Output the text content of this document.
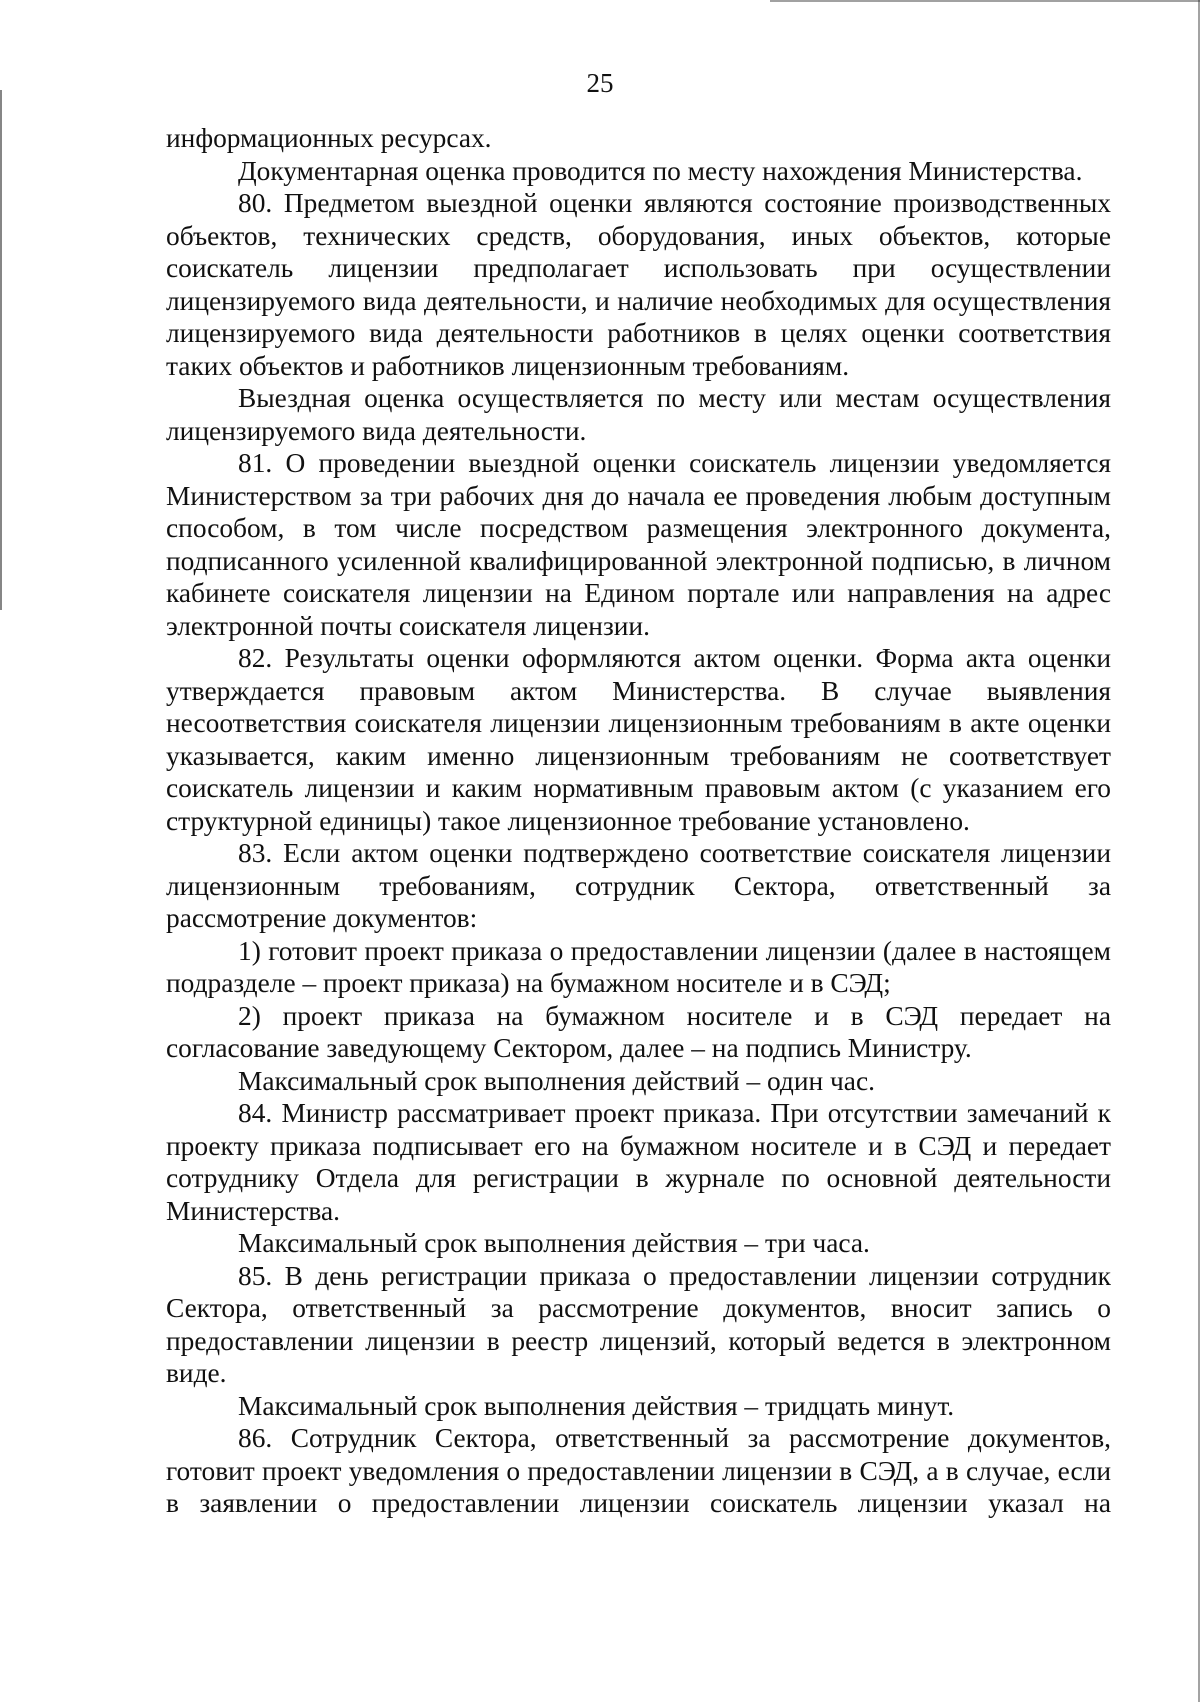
25

информационных ресурсах.

Документарная оценка проводится по месту нахождения Министерства.

80. Предметом выездной оценки являются состояние производственных объектов, технических средств, оборудования, иных объектов, которые соискатель лицензии предполагает использовать при осуществлении лицензируемого вида деятельности, и наличие необходимых для осуществления лицензируемого вида деятельности работников в целях оценки соответствия таких объектов и работников лицензионным требованиям.

Выездная оценка осуществляется по месту или местам осуществления лицензируемого вида деятельности.

81. О проведении выездной оценки соискатель лицензии уведомляется Министерством за три рабочих дня до начала ее проведения любым доступным способом, в том числе посредством размещения электронного документа, подписанного усиленной квалифицированной электронной подписью, в личном кабинете соискателя лицензии на Едином портале или направления на адрес электронной почты соискателя лицензии.

82. Результаты оценки оформляются актом оценки. Форма акта оценки утверждается правовым актом Министерства. В случае выявления несоответствия соискателя лицензии лицензионным требованиям в акте оценки указывается, каким именно лицензионным требованиям не соответствует соискатель лицензии и каким нормативным правовым актом (с указанием его структурной единицы) такое лицензионное требование установлено.

83. Если актом оценки подтверждено соответствие соискателя лицензии лицензионным требованиям, сотрудник Сектора, ответственный за рассмотрение документов:

1) готовит проект приказа о предоставлении лицензии (далее в настоящем подразделе – проект приказа) на бумажном носителе и в СЭД;

2) проект приказа на бумажном носителе и в СЭД передает на согласование заведующему Сектором, далее – на подпись Министру.

Максимальный срок выполнения действий – один час.

84. Министр рассматривает проект приказа. При отсутствии замечаний к проекту приказа подписывает его на бумажном носителе и в СЭД и передает сотруднику Отдела для регистрации в журнале по основной деятельности Министерства.

Максимальный срок выполнения действия – три часа.

85. В день регистрации приказа о предоставлении лицензии сотрудник Сектора, ответственный за рассмотрение документов, вносит запись о предоставлении лицензии в реестр лицензий, который ведется в электронном виде.

Максимальный срок выполнения действия – тридцать минут.

86. Сотрудник Сектора, ответственный за рассмотрение документов, готовит проект уведомления о предоставлении лицензии в СЭД, а в случае, если в заявлении о предоставлении лицензии соискатель лицензии указал на
